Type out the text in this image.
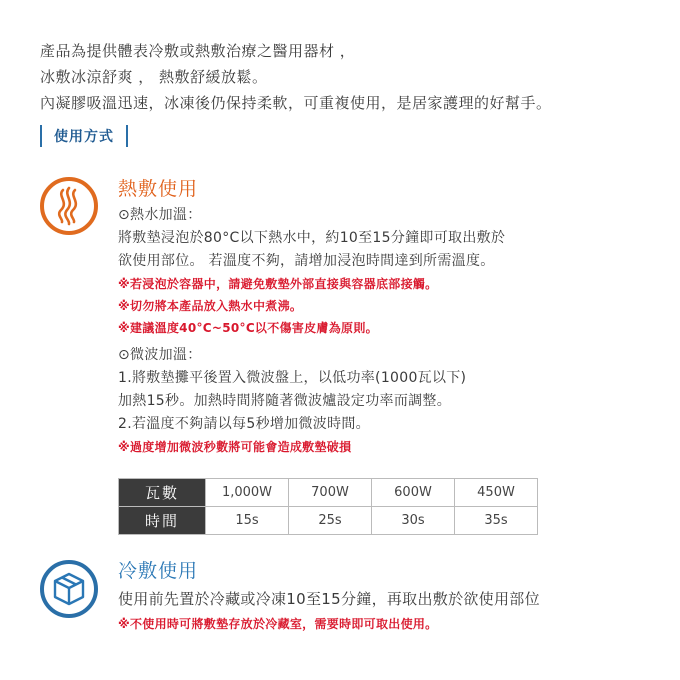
產品為提供體表冷敷或熱敷治療之醫用器材 ，
冰敷冰涼舒爽 ， 熱敷舒緩放鬆。
內凝膠吸溫迅速，冰凍後仍保持柔軟，可重複使用，是居家護理的好幫手。
使用方式
熱敷使用
⊙熱水加溫：
將敷墊浸泡於80°C以下熱水中，約10至15分鐘即可取出敷於
欲使用部位。 若溫度不夠，請增加浸泡時間達到所需溫度。
※若浸泡於容器中，請避免敷墊外部直接與容器底部接觸。
※切勿將本產品放入熱水中煮沸。
※建議溫度40°C~50°C以不傷害皮膚為原則。
⊙微波加溫：
1.將敷墊攤平後置入微波盤上，以低功率(1000瓦以下)
加熱15秒。加熱時間將隨著微波爐設定功率而調整。
2.若溫度不夠請以每5秒增加微波時間。
※過度增加微波秒數將可能會造成敷墊破損
瓦數	1,000W	700W	600W	450W
時間	15s	25s	30s	35s
冷敷使用
使用前先置於冷藏或冷凍10至15分鐘，再取出敷於欲使用部位
※不使用時可將敷墊存放於冷藏室，需要時即可取出使用。
